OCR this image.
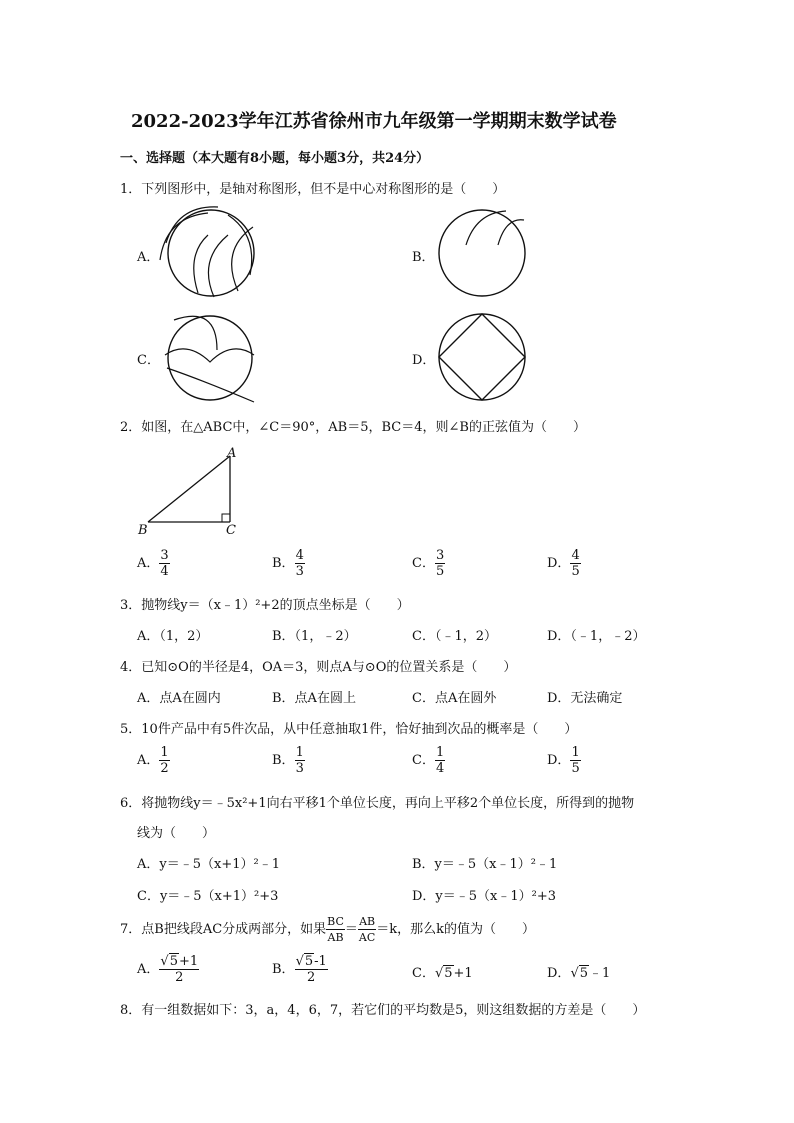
2022-2023学年江苏省徐州市九年级第一学期期末数学试卷
一、选择题（本大题有8小题，每小题3分，共24分）
1．下列图形中，是轴对称图形，但不是中心对称图形的是（　　）
A．	B．
C．	D．
2．如图，在△ABC中，∠C＝90°，AB＝5，BC＝4，则∠B的正弦值为（　　）
A
B	C
A． $\frac{3}{4}$	B． $\frac{4}{3}$	C． $\frac{3}{5}$	D． $\frac{4}{5}$
3．抛物线y＝（x﹣1）²+2的顶点坐标是（　　）
A．（1，2）	B．（1，﹣2）	C．（﹣1，2）	D．（﹣1，﹣2）
4．已知⊙O的半径是4，OA＝3，则点A与⊙O的位置关系是（　　）
A．点A在圆内	B．点A在圆上	C．点A在圆外	D．无法确定
5．10件产品中有5件次品，从中任意抽取1件，恰好抽到次品的概率是（　　）
A． $\frac{1}{2}$	B． $\frac{1}{3}$	C． $\frac{1}{4}$	D． $\frac{1}{5}$
6．将抛物线y＝﹣5x²+1向右平移1个单位长度，再向上平移2个单位长度，所得到的抛物
线为（　　）
A．y＝﹣5（x+1）²﹣1	B．y＝﹣5（x﹣1）²﹣1
C．y＝﹣5（x+1）²+3	D．y＝﹣5（x﹣1）²+3
7．点B把线段AC分成两部分，如果 $\frac{BC}{AB} = \frac{AB}{AC} =k$，那么k的值为（　　）
A． $\frac{√5+1}{2}$	B． $\frac{√5-1}{2}$	C．√5+1	D．√5﹣1
8．有一组数据如下：3，a，4，6，7，若它们的平均数是5，则这组数据的方差是（　　）
